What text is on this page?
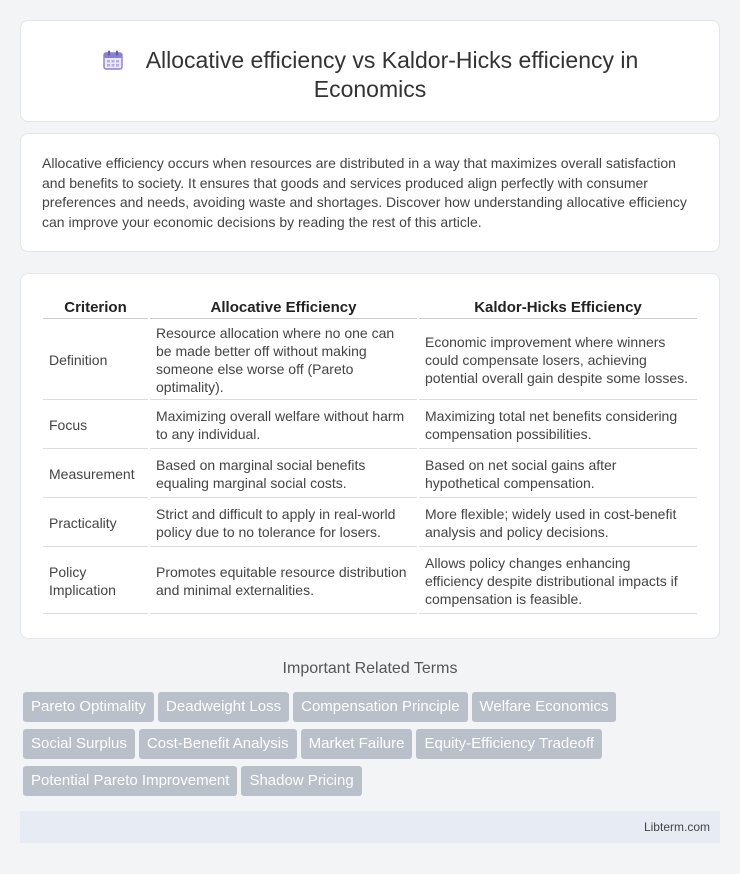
Allocative efficiency vs Kaldor-Hicks efficiency in Economics

Allocative efficiency occurs when resources are distributed in a way that maximizes overall satisfaction and benefits to society. It ensures that goods and services produced align perfectly with consumer preferences and needs, avoiding waste and shortages. Discover how understanding allocative efficiency can improve your economic decisions by reading the rest of this article.

Criterion	Allocative Efficiency	Kaldor-Hicks Efficiency
Definition	Resource allocation where no one can be made better off without making someone else worse off (Pareto optimality).	Economic improvement where winners could compensate losers, achieving potential overall gain despite some losses.
Focus	Maximizing overall welfare without harm to any individual.	Maximizing total net benefits considering compensation possibilities.
Measurement	Based on marginal social benefits equaling marginal social costs.	Based on net social gains after hypothetical compensation.
Practicality	Strict and difficult to apply in real-world policy due to no tolerance for losers.	More flexible; widely used in cost-benefit analysis and policy decisions.
Policy Implication	Promotes equitable resource distribution and minimal externalities.	Allows policy changes enhancing efficiency despite distributional impacts if compensation is feasible.
Important Related Terms
Pareto Optimality Deadweight Loss Compensation Principle Welfare EconomicsSocial Surplus Cost-Benefit Analysis Market Failure Equity-Efficiency TradeoffPotential Pareto Improvement Shadow Pricing
Libterm.com
